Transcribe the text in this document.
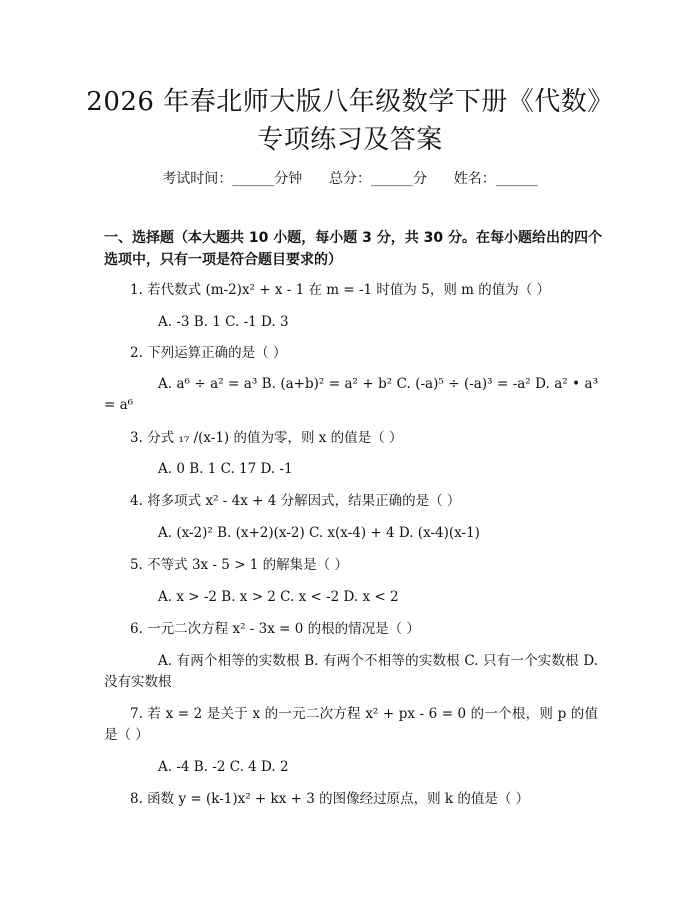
2026 年春北师大版八年级数学下册《代数》
专项练习及答案
考试时间：______分钟      总分：______分      姓名：______
一、选择题（本大题共 10 小题，每小题 3 分，共 30 分。在每小题给出的四个选项中，只有一项是符合题目要求的）
1. 若代数式 (m-2)x² + x - 1 在 m = -1 时值为 5，则 m 的值为（ ）
A. -3 B. 1 C. -1 D. 3
2. 下列运算正确的是（ ）
A. a⁶ ÷ a² = a³ B. (a+b)² = a² + b² C. (-a)⁵ ÷ (-a)³ = -a² D. a² • a³ = a⁶
3. 分式 ₁₇ /(x-1) 的值为零，则 x 的值是（ ）
A. 0 B. 1 C. 17 D. -1
4. 将多项式 x² - 4x + 4 分解因式，结果正确的是（ ）
A. (x-2)² B. (x+2)(x-2) C. x(x-4) + 4 D. (x-4)(x-1)
5. 不等式 3x - 5 > 1 的解集是（ ）
A. x > -2 B. x > 2 C. x < -2 D. x < 2
6. 一元二次方程 x² - 3x = 0 的根的情况是（ ）
A. 有两个相等的实数根 B. 有两个不相等的实数根 C. 只有一个实数根 D. 没有实数根
7. 若 x = 2 是关于 x 的一元二次方程 x² + px - 6 = 0 的一个根，则 p 的值是（ ）
A. -4 B. -2 C. 4 D. 2
8. 函数 y = (k-1)x² + kx + 3 的图像经过原点，则 k 的值是（ ）
